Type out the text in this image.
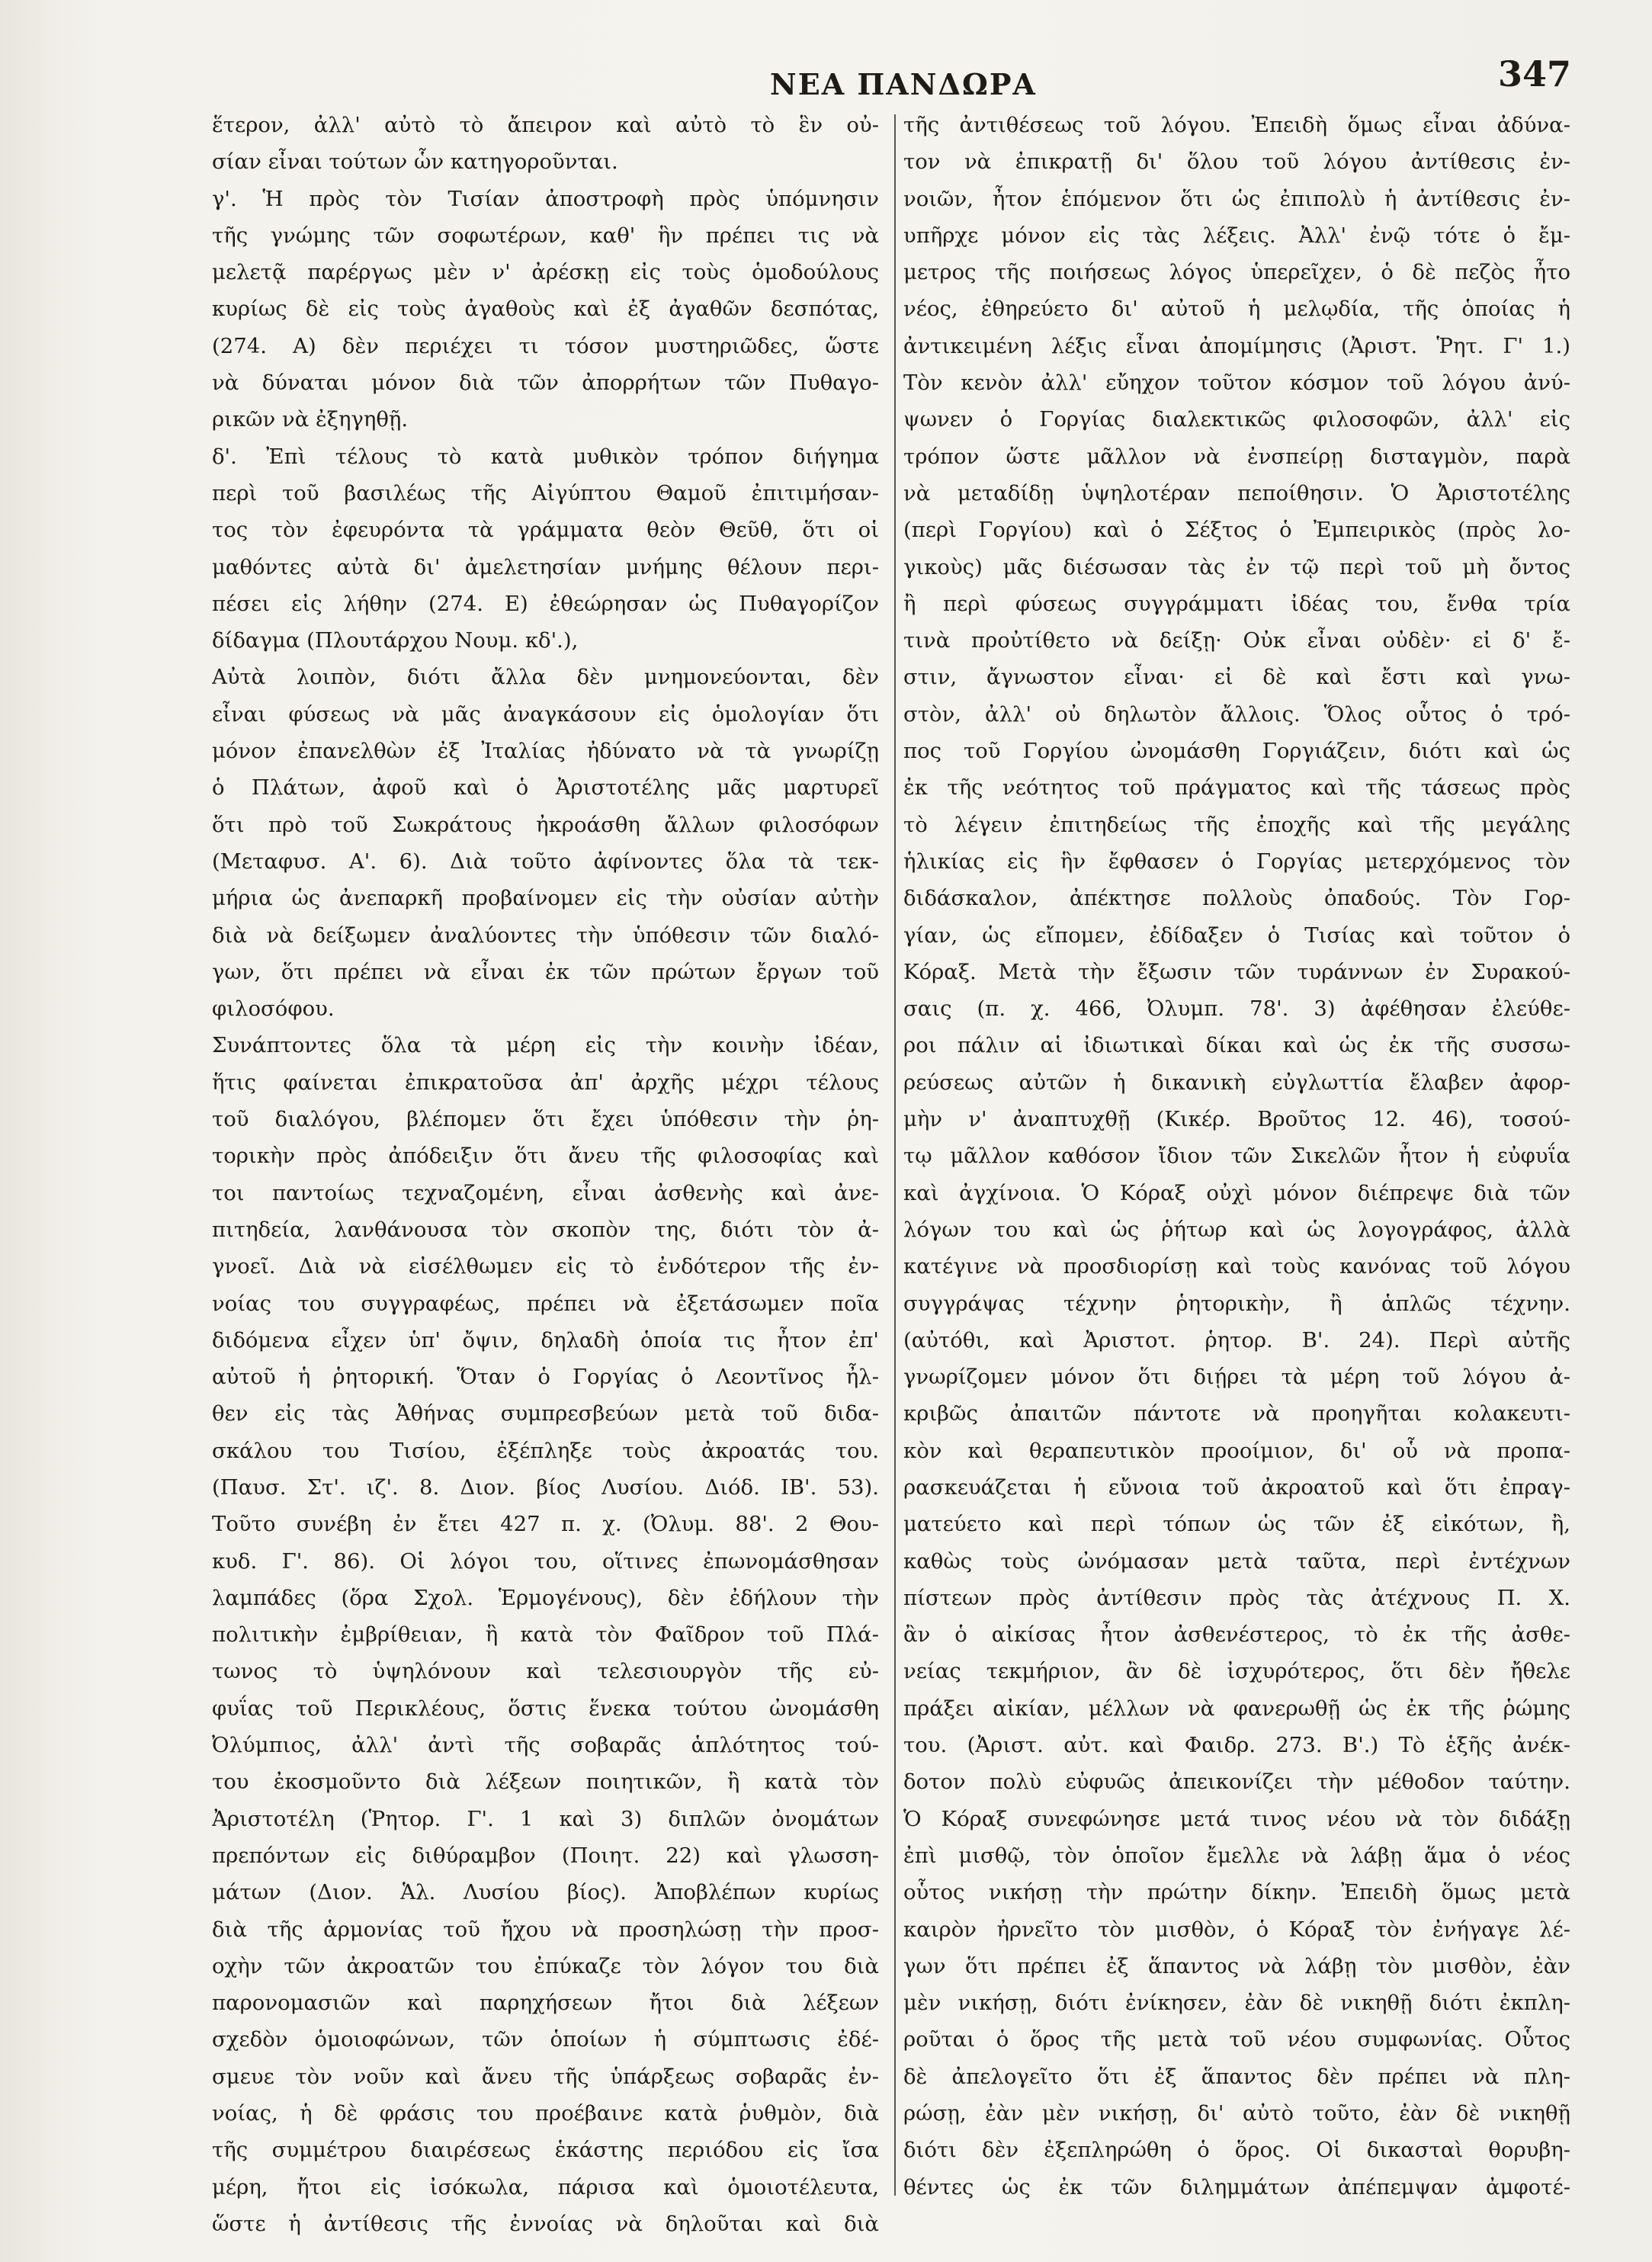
ΝΕΑ ΠΑΝΔΩΡΑ	347
ἕτερον, ἀλλ' αὐτὸ τὸ ἄπειρον καὶ αὐτὸ τὸ ἓν οὐ-
σίαν εἶναι τούτων ὧν κατηγοροῦνται.
γ'. Ἡ πρὸς τὸν Τισίαν ἀποστροφὴ πρὸς ὑπόμνησιν
τῆς γνώμης τῶν σοφωτέρων, καθ' ἣν πρέπει τις νὰ
μελετᾷ παρέργως μὲν ν' ἀρέσκῃ εἰς τοὺς ὁμοδούλους
κυρίως δὲ εἰς τοὺς ἀγαθοὺς καὶ ἐξ ἀγαθῶν δεσπότας,
(274. Α) δὲν περιέχει τι τόσον μυστηριῶδες, ὥστε
νὰ δύναται μόνον διὰ τῶν ἀπορρήτων τῶν Πυθαγο-
ρικῶν νὰ ἐξηγηθῇ.
δ'. Ἐπὶ τέλους τὸ κατὰ μυθικὸν τρόπον διήγημα
περὶ τοῦ βασιλέως τῆς Αἰγύπτου Θαμοῦ ἐπιτιμήσαν-
τος τὸν ἐφευρόντα τὰ γράμματα θεὸν Θεῦθ, ὅτι οἱ
μαθόντες αὐτὰ δι' ἀμελετησίαν μνήμης θέλουν περι-
πέσει εἰς λήθην (274. Ε) ἐθεώρησαν ὡς Πυθαγορίζον
δίδαγμα (Πλουτάρχου Νουμ. κδ'.),
Αὐτὰ λοιπὸν, διότι ἄλλα δὲν μνημονεύονται, δὲν
εἶναι φύσεως νὰ μᾶς ἀναγκάσουν εἰς ὁμολογίαν ὅτι
μόνον ἐπανελθὼν ἐξ Ἰταλίας ἠδύνατο νὰ τὰ γνωρίζῃ
ὁ Πλάτων, ἀφοῦ καὶ ὁ Ἀριστοτέλης μᾶς μαρτυρεῖ
ὅτι πρὸ τοῦ Σωκράτους ἠκροάσθη ἄλλων φιλοσόφων
(Μεταφυσ. Α'. 6). Διὰ τοῦτο ἀφίνοντες ὅλα τὰ τεκ-
μήρια ὡς ἀνεπαρκῆ προβαίνομεν εἰς τὴν οὐσίαν αὐτὴν
διὰ νὰ δείξωμεν ἀναλύοντες τὴν ὑπόθεσιν τῶν διαλό-
γων, ὅτι πρέπει νὰ εἶναι ἐκ τῶν πρώτων ἔργων τοῦ
φιλοσόφου.
Συνάπτοντες ὅλα τὰ μέρη εἰς τὴν κοινὴν ἰδέαν,
ἥτις φαίνεται ἐπικρατοῦσα ἀπ' ἀρχῆς μέχρι τέλους
τοῦ διαλόγου, βλέπομεν ὅτι ἔχει ὑπόθεσιν τὴν ῥη-
τορικὴν πρὸς ἀπόδειξιν ὅτι ἄνευ τῆς φιλοσοφίας καὶ
τοι παντοίως τεχναζομένη, εἶναι ἀσθενὴς καὶ ἀνε-
πιτηδεία, λανθάνουσα τὸν σκοπὸν της, διότι τὸν ἀ-
γνοεῖ. Διὰ νὰ εἰσέλθωμεν εἰς τὸ ἐνδότερον τῆς ἐν-
νοίας του συγγραφέως, πρέπει νὰ ἐξετάσωμεν ποῖα
διδόμενα εἶχεν ὑπ' ὄψιν, δηλαδὴ ὁποία τις ἦτον ἐπ'
αὐτοῦ ἡ ῥητορική. Ὅταν ὁ Γοργίας ὁ Λεοντῖνος ἦλ-
θεν εἰς τὰς Ἀθήνας συμπρεσβεύων μετὰ τοῦ διδα-
σκάλου του Τισίου, ἐξέπληξε τοὺς ἀκροατάς του.
(Παυσ. Στ'. ιζ'. 8. Διον. βίος Λυσίου. Διόδ. ΙΒ'. 53).
Τοῦτο συνέβη ἐν ἔτει 427 π. χ. (Ὀλυμ. 88'. 2 Θου-
κυδ. Γ'. 86). Οἱ λόγοι του, οἵτινες ἐπωνομάσθησαν
λαμπάδες (ὅρα Σχολ. Ἑρμογένους), δὲν ἐδήλουν τὴν
πολιτικὴν ἐμβρίθειαν, ἣ κατὰ τὸν Φαῖδρον τοῦ Πλά-
τωνος τὸ ὑψηλόνουν καὶ τελεσιουργὸν τῆς εὐ-
φυΐας τοῦ Περικλέους, ὅστις ἕνεκα τούτου ὠνομάσθη
Ὀλύμπιος, ἀλλ' ἀντὶ τῆς σοβαρᾶς ἁπλότητος τού-
του ἐκοσμοῦντο διὰ λέξεων ποιητικῶν, ἢ κατὰ τὸν
Ἀριστοτέλη (Ῥητορ. Γ'. 1 καὶ 3) διπλῶν ὀνομάτων
πρεπόντων εἰς διθύραμβον (Ποιητ. 22) καὶ γλωσση-
μάτων (Διον. Ἁλ. Λυσίου βίος). Ἀποβλέπων κυρίως
διὰ τῆς ἁρμονίας τοῦ ἤχου νὰ προσηλώσῃ τὴν προσ-
οχὴν τῶν ἀκροατῶν του ἐπύκαζε τὸν λόγον του διὰ
παρονομασιῶν καὶ παρηχήσεων ἤτοι διὰ λέξεων
σχεδὸν ὁμοιοφώνων, τῶν ὁποίων ἡ σύμπτωσις ἐδέ-
σμευε τὸν νοῦν καὶ ἄνευ τῆς ὑπάρξεως σοβαρᾶς ἐν-
νοίας, ἡ δὲ φράσις του προέβαινε κατὰ ῥυθμὸν, διὰ
τῆς συμμέτρου διαιρέσεως ἑκάστης περιόδου εἰς ἴσα
μέρη, ἤτοι εἰς ἰσόκωλα, πάρισα καὶ ὁμοιοτέλευτα,
ὥστε ἡ ἀντίθεσις τῆς ἐννοίας νὰ δηλοῦται καὶ διὰ
τῆς ἀντιθέσεως τοῦ λόγου. Ἐπειδὴ ὅμως εἶναι ἀδύνα-
τον νὰ ἐπικρατῇ δι' ὅλου τοῦ λόγου ἀντίθεσις ἐν-
νοιῶν, ἦτον ἑπόμενον ὅτι ὡς ἐπιπολὺ ἡ ἀντίθεσις ἐν-
υπῆρχε μόνον εἰς τὰς λέξεις. Ἀλλ' ἐνῷ τότε ὁ ἔμ-
μετρος τῆς ποιήσεως λόγος ὑπερεῖχεν, ὁ δὲ πεζὸς ἦτο
νέος, ἐθηρεύετο δι' αὐτοῦ ἡ μελῳδία, τῆς ὁποίας ἡ
ἀντικειμένη λέξις εἶναι ἀπομίμησις (Ἀριστ. Ῥητ. Γ' 1.)
Τὸν κενὸν ἀλλ' εὔηχον τοῦτον κόσμον τοῦ λόγου ἀνύ-
ψωνεν ὁ Γοργίας διαλεκτικῶς φιλοσοφῶν, ἀλλ' εἰς
τρόπον ὥστε μᾶλλον νὰ ἐνσπείρῃ δισταγμὸν, παρὰ
νὰ μεταδίδῃ ὑψηλοτέραν πεποίθησιν. Ὁ Ἀριστοτέλης
(περὶ Γοργίου) καὶ ὁ Σέξτος ὁ Ἐμπειρικὸς (πρὸς λο-
γικοὺς) μᾶς διέσωσαν τὰς ἐν τῷ περὶ τοῦ μὴ ὄντος
ἢ περὶ φύσεως συγγράμματι ἰδέας του, ἔνθα τρία
τινὰ προὐτίθετο νὰ δείξῃ· Οὐκ εἶναι οὐδὲν· εἰ δ' ἔ-
στιν, ἄγνωστον εἶναι· εἰ δὲ καὶ ἔστι καὶ γνω-
στὸν, ἀλλ' οὐ δηλωτὸν ἄλλοις. Ὅλος οὗτος ὁ τρό-
πος τοῦ Γοργίου ὠνομάσθη Γοργιάζειν, διότι καὶ ὡς
ἐκ τῆς νεότητος τοῦ πράγματος καὶ τῆς τάσεως πρὸς
τὸ λέγειν ἐπιτηδείως τῆς ἐποχῆς καὶ τῆς μεγάλης
ἡλικίας εἰς ἣν ἔφθασεν ὁ Γοργίας μετερχόμενος τὸν
διδάσκαλον, ἀπέκτησε πολλοὺς ὀπαδούς. Τὸν Γορ-
γίαν, ὡς εἴπομεν, ἐδίδαξεν ὁ Τισίας καὶ τοῦτον ὁ
Κόραξ. Μετὰ τὴν ἔξωσιν τῶν τυράννων ἐν Συρακού-
σαις (π. χ. 466, Ὀλυμπ. 78'. 3) ἀφέθησαν ἐλεύθε-
ροι πάλιν αἱ ἰδιωτικαὶ δίκαι καὶ ὡς ἐκ τῆς συσσω-
ρεύσεως αὐτῶν ἡ δικανικὴ εὐγλωττία ἔλαβεν ἀφορ-
μὴν ν' ἀναπτυχθῇ (Κικέρ. Βροῦτος 12. 46), τοσού-
τῳ μᾶλλον καθόσον ἴδιον τῶν Σικελῶν ἦτον ἡ εὐφυΐα
καὶ ἀγχίνοια. Ὁ Κόραξ οὐχὶ μόνον διέπρεψε διὰ τῶν
λόγων του καὶ ὡς ῥήτωρ καὶ ὡς λογογράφος, ἀλλὰ
κατέγινε νὰ προσδιορίσῃ καὶ τοὺς κανόνας τοῦ λόγου
συγγράψας τέχνην ῥητορικὴν, ἢ ἁπλῶς τέχνην.
(αὐτόθι, καὶ Ἀριστοτ. ῥητορ. Β'. 24). Περὶ αὐτῆς
γνωρίζομεν μόνον ὅτι διῄρει τὰ μέρη τοῦ λόγου ἀ-
κριβῶς ἀπαιτῶν πάντοτε νὰ προηγῆται κολακευτι-
κὸν καὶ θεραπευτικὸν προοίμιον, δι' οὗ νὰ προπα-
ρασκευάζεται ἡ εὔνοια τοῦ ἀκροατοῦ καὶ ὅτι ἐπραγ-
ματεύετο καὶ περὶ τόπων ὡς τῶν ἐξ εἰκότων, ἢ,
καθὼς τοὺς ὠνόμασαν μετὰ ταῦτα, περὶ ἐντέχνων
πίστεων πρὸς ἀντίθεσιν πρὸς τὰς ἀτέχνους Π. Χ.
ἂν ὁ αἰκίσας ἦτον ἀσθενέστερος, τὸ ἐκ τῆς ἀσθε-
νείας τεκμήριον, ἂν δὲ ἰσχυρότερος, ὅτι δὲν ἤθελε
πράξει αἰκίαν, μέλλων νὰ φανερωθῇ ὡς ἐκ τῆς ῥώμης
του. (Ἀριστ. αὐτ. καὶ Φαιδρ. 273. Β'.) Τὸ ἑξῆς ἀνέκ-
δοτον πολὺ εὐφυῶς ἀπεικονίζει τὴν μέθοδον ταύτην.
Ὁ Κόραξ συνεφώνησε μετά τινος νέου νὰ τὸν διδάξῃ
ἐπὶ μισθῷ, τὸν ὁποῖον ἔμελλε νὰ λάβῃ ἅμα ὁ νέος
οὗτος νικήσῃ τὴν πρώτην δίκην. Ἐπειδὴ ὅμως μετὰ
καιρὸν ἠρνεῖτο τὸν μισθὸν, ὁ Κόραξ τὸν ἐνήγαγε λέ-
γων ὅτι πρέπει ἐξ ἅπαντος νὰ λάβῃ τὸν μισθὸν, ἐὰν
μὲν νικήσῃ, διότι ἐνίκησεν, ἐὰν δὲ νικηθῇ διότι ἐκπλη-
ροῦται ὁ ὅρος τῆς μετὰ τοῦ νέου συμφωνίας. Οὗτος
δὲ ἀπελογεῖτο ὅτι ἐξ ἅπαντος δὲν πρέπει νὰ πλη-
ρώσῃ, ἐὰν μὲν νικήσῃ, δι' αὐτὸ τοῦτο, ἐὰν δὲ νικηθῇ
διότι δὲν ἐξεπληρώθη ὁ ὅρος. Οἱ δικασταὶ θορυβη-
θέντες ὡς ἐκ τῶν διλημμάτων ἀπέπεμψαν ἀμφοτέ-
